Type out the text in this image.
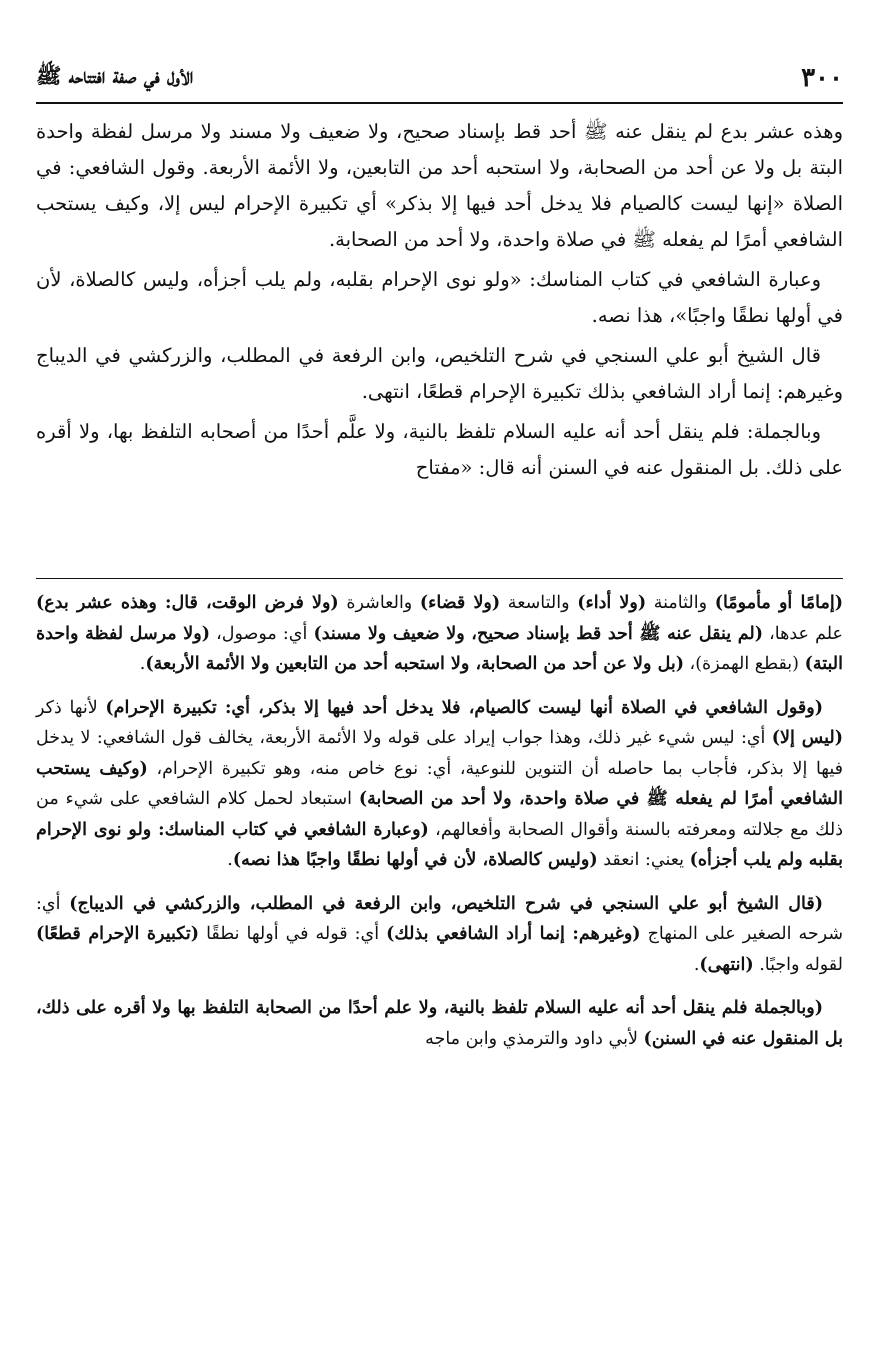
٣٠٠
الأول في صفة افتتاحه ﷺ

وهذه عشر بدع لم ينقل عنه ﷺ أحد قط بإسناد صحيح، ولا ضعيف ولا مسند ولا مرسل لفظة واحدة البتة بل ولا عن أحد من الصحابة، ولا استحبه أحد من التابعين، ولا الأئمة الأربعة. وقول الشافعي: في الصلاة «إنها ليست كالصيام فلا يدخل أحد فيها إلا بذكر» أي تكبيرة الإحرام ليس إلا، وكيف يستحب الشافعي أمرًا لم يفعله ﷺ في صلاة واحدة، ولا أحد من الصحابة.

وعبارة الشافعي في كتاب المناسك: «ولو نوى الإحرام بقلبه، ولم يلب أجزأه، وليس كالصلاة، لأن في أولها نطقًا واجبًا»، هذا نصه.

قال الشيخ أبو علي السنجي في شرح التلخيص، وابن الرفعة في المطلب، والزركشي في الديباج وغيرهم: إنما أراد الشافعي بذلك تكبيرة الإحرام قطعًا، انتهى.

وبالجملة: فلم ينقل أحد أنه عليه السلام تلفظ بالنية، ولا علَّم أحدًا من أصحابه التلفظ بها، ولا أقره على ذلك. بل المنقول عنه في السنن أنه قال: «مفتاح

(إمامًا أو مأمومًا) والثامنة (ولا أداء) والتاسعة (ولا قضاء) والعاشرة (ولا فرض الوقت، قال: وهذه عشر بدع) علم عدها، (لم ينقل عنه ﷺ أحد قط بإسناد صحيح، ولا ضعيف ولا مسند) أي: موصول، (ولا مرسل لفظة واحدة البتة) (بقطع الهمزة)، (بل ولا عن أحد من الصحابة، ولا استحبه أحد من التابعين ولا الأئمة الأربعة).

(وقول الشافعي في الصلاة أنها ليست كالصيام، فلا يدخل أحد فيها إلا بذكر، أي: تكبيرة الإحرام) لأنها ذكر (ليس إلا) أي: ليس شيء غير ذلك، وهذا جواب إيراد على قوله ولا الأئمة الأربعة، يخالف قول الشافعي: لا يدخل فيها إلا بذكر، فأجاب بما حاصله أن التنوين للنوعية، أي: نوع خاص منه، وهو تكبيرة الإحرام، (وكيف يستحب الشافعي أمرًا لم يفعله ﷺ في صلاة واحدة، ولا أحد من الصحابة) استبعاد لحمل كلام الشافعي على شيء من ذلك مع جلالته ومعرفته بالسنة وأقوال الصحابة وأفعالهم، (وعبارة الشافعي في كتاب المناسك: ولو نوى الإحرام بقلبه ولم يلب أجزأه) يعني: انعقد (وليس كالصلاة، لأن في أولها نطقًا واجبًا هذا نصه).

(قال الشيخ أبو علي السنجي في شرح التلخيص، وابن الرفعة في المطلب، والزركشي في الديباج) أي: شرحه الصغير على المنهاج (وغيرهم: إنما أراد الشافعي بذلك) أي: قوله في أولها نطقًا (تكبيرة الإحرام قطعًا) لقوله واجبًا. (انتهى).

(وبالجملة فلم ينقل أحد أنه عليه السلام تلفظ بالنية، ولا علم أحدًا من الصحابة التلفظ بها ولا أقره على ذلك، بل المنقول عنه في السنن) لأبي داود والترمذي وابن ماجه
